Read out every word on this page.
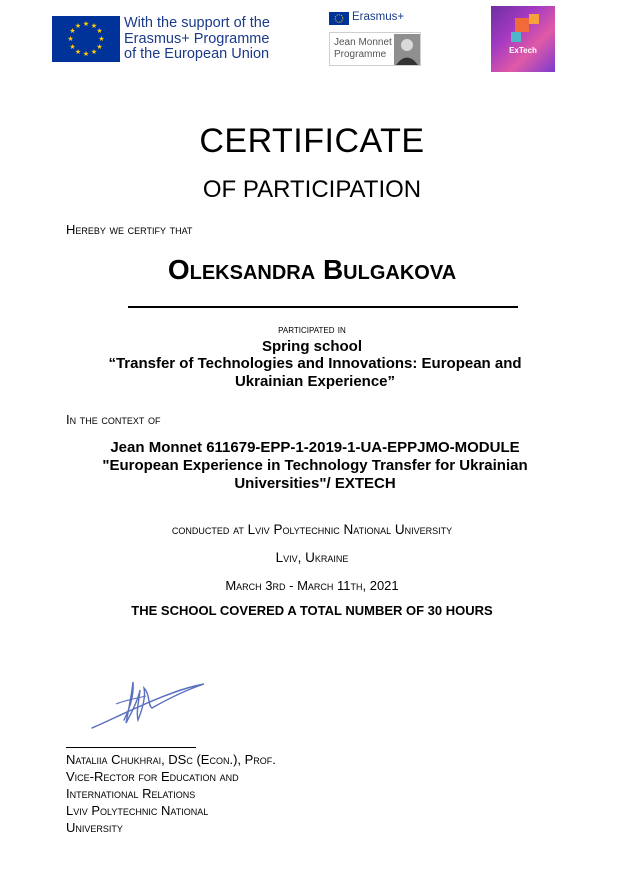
★ ★
★
★
★
★
★
★
★
★
★
★	With the support of the
Erasmus+ Programme
of the European Union
Erasmus+
Jean Monnet
Programme	ExTech
CERTIFICATE
OF PARTICIPATION
Hereby we certify that
Oleksandra Bulgakova
participated in
Spring school
“Transfer of Technologies and Innovations: European and Ukrainian Experience”
In the context of
Jean Monnet 611679-EPP-1-2019-1-UA-EPPJMO-MODULE
"European Experience in Technology Transfer for Ukrainian Universities"/ EXTECH
conducted at Lviv Polytechnic National University
Lviv, Ukraine
March 3rd - March 11th, 2021
THE SCHOOL COVERED A TOTAL NUMBER OF 30 HOURS
Nataliia Chukhrai, DSc (Econ.), Prof.
Vice-Rector for Education and
International Relations
Lviv Polytechnic National
University
